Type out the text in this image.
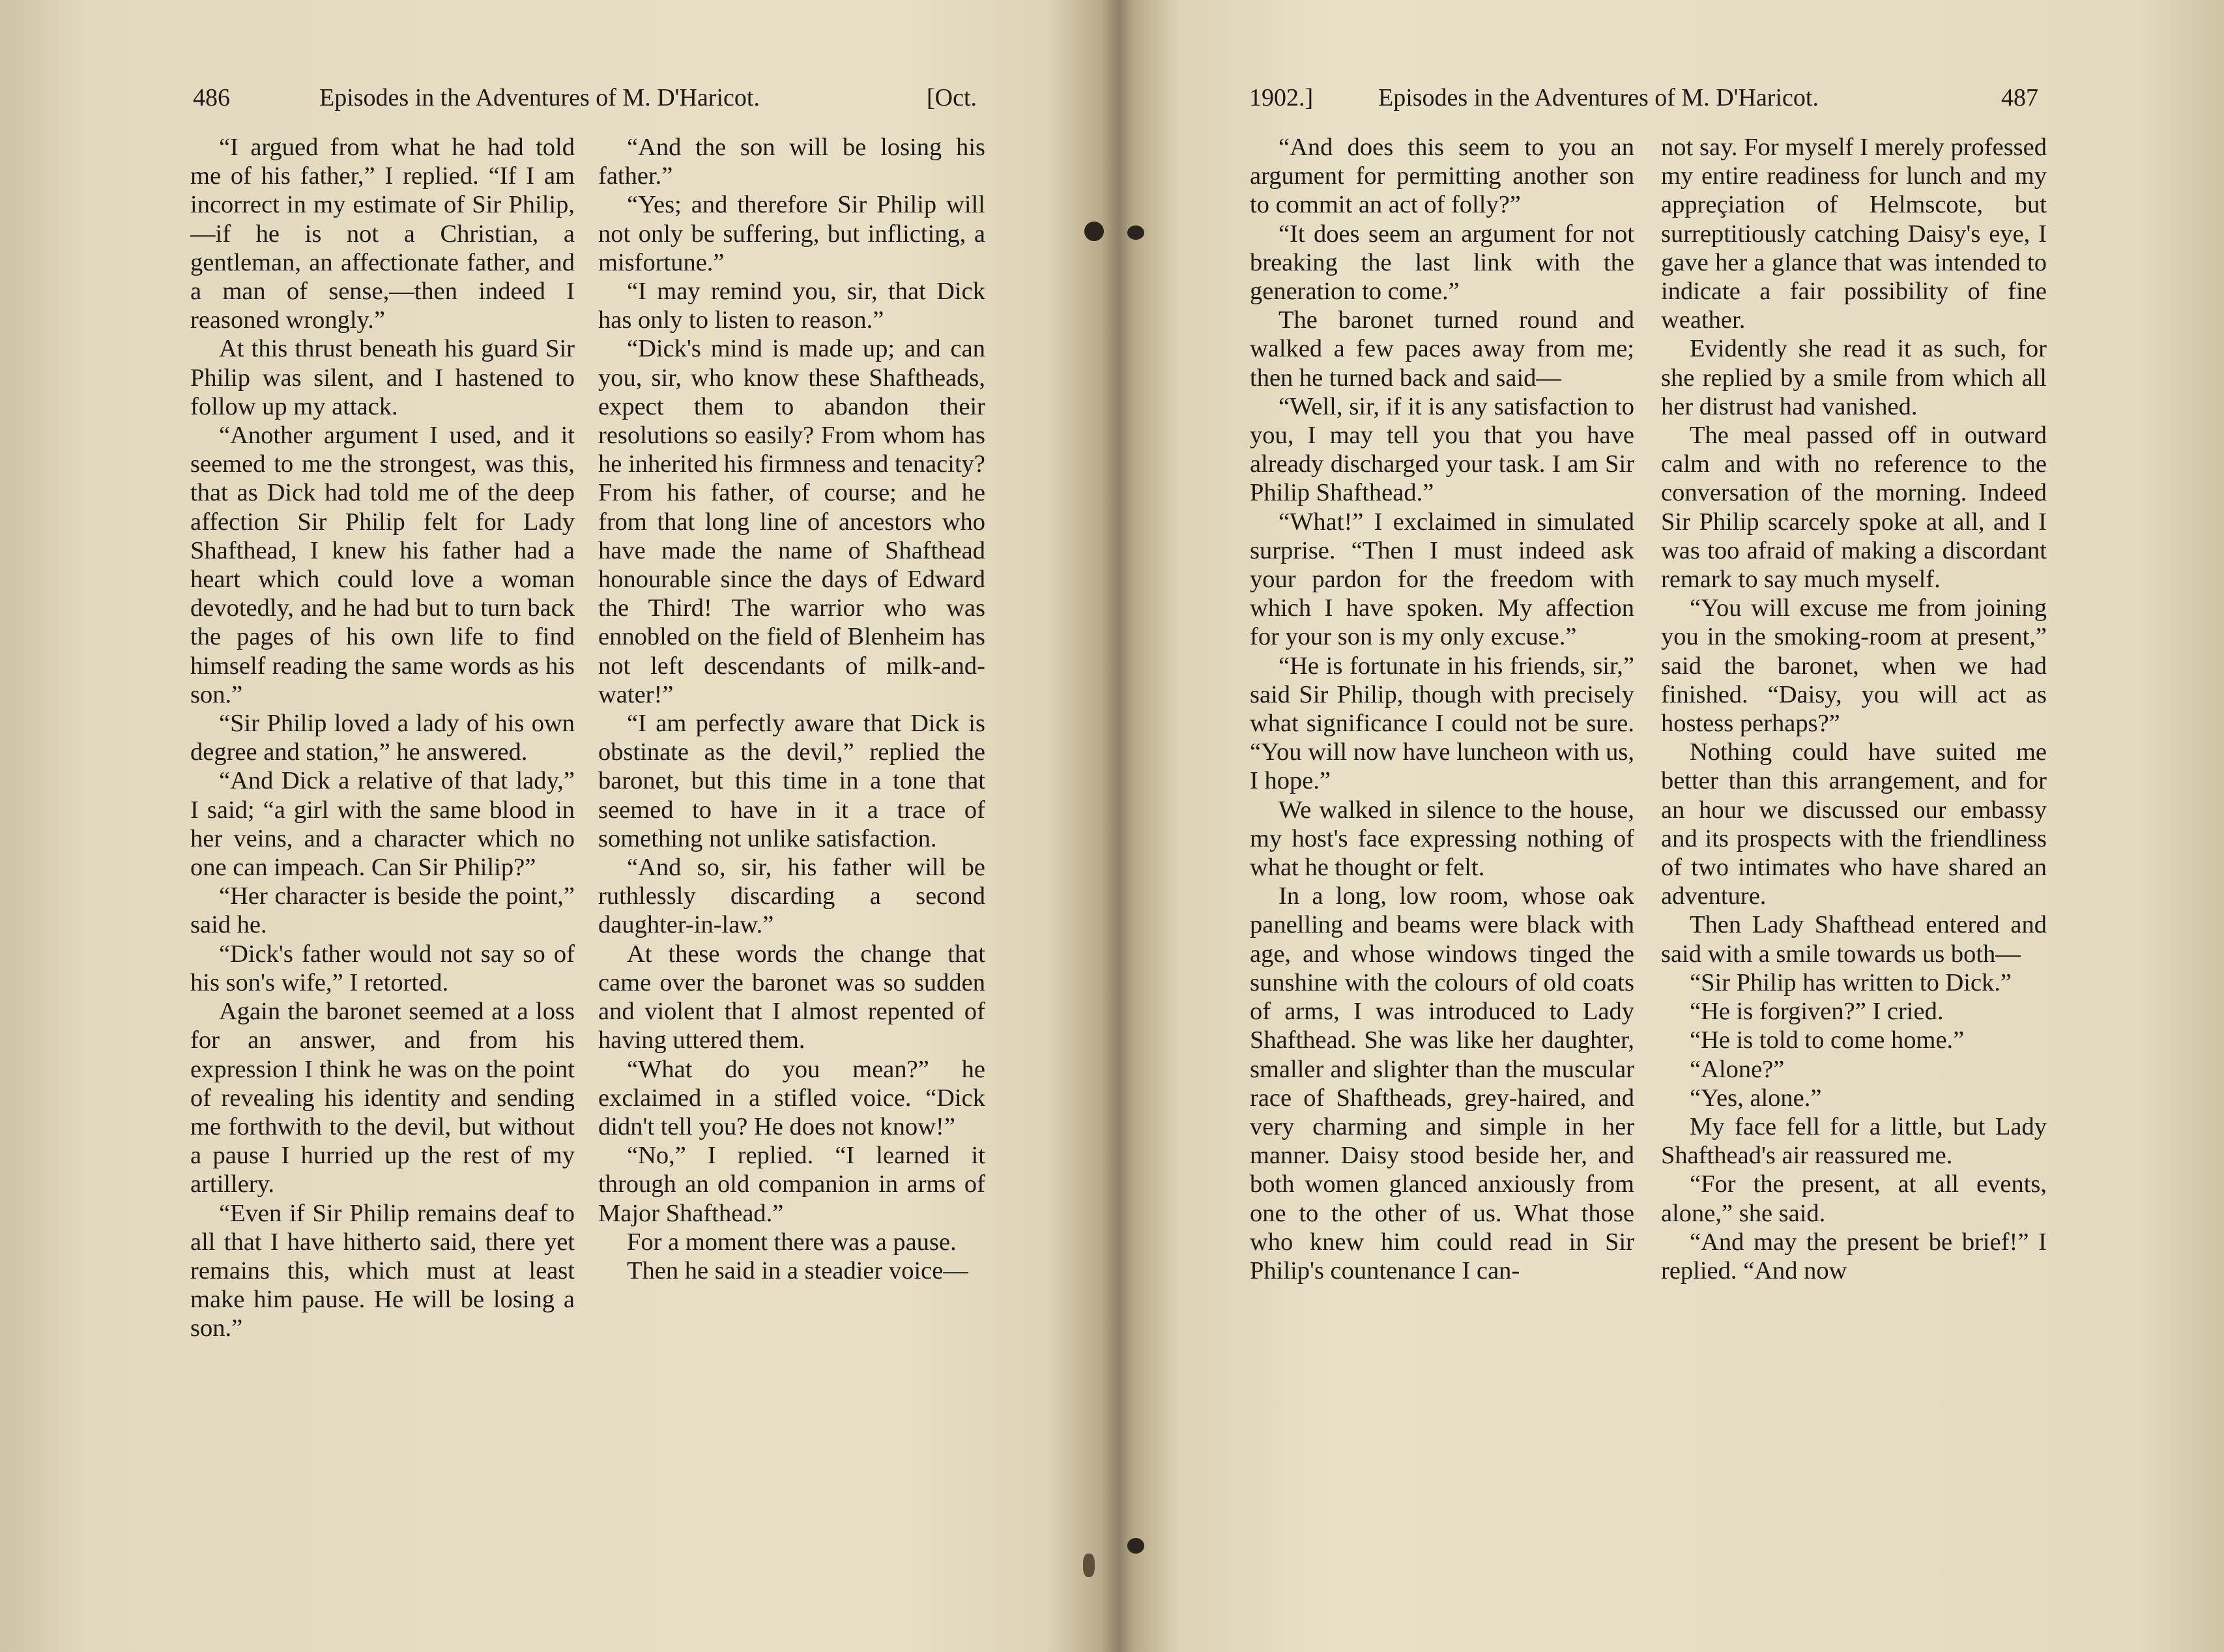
486	Episodes in the Adventures of M. D'Haricot.	[Oct.

“I argued from what he had told me of his father,” I replied. “If I am incorrect in my estimate of Sir Philip,—if he is not a Christian, a gentleman, an affectionate father, and a man of sense,—then indeed I reasoned wrongly.”

At this thrust beneath his guard Sir Philip was silent, and I hastened to follow up my attack.

“Another argument I used, and it seemed to me the strongest, was this, that as Dick had told me of the deep affection Sir Philip felt for Lady Shafthead, I knew his father had a heart which could love a woman devotedly, and he had but to turn back the pages of his own life to find himself reading the same words as his son.”

“Sir Philip loved a lady of his own degree and station,” he answered.

“And Dick a relative of that lady,” I said; “a girl with the same blood in her veins, and a character which no one can impeach. Can Sir Philip?”

“Her character is beside the point,” said he.

“Dick's father would not say so of his son's wife,” I retorted.

Again the baronet seemed at a loss for an answer, and from his expression I think he was on the point of revealing his identity and sending me forthwith to the devil, but without a pause I hurried up the rest of my artillery.

“Even if Sir Philip remains deaf to all that I have hitherto said, there yet remains this, which must at least make him pause. He will be losing a son.”

“And the son will be losing his father.”

“Yes; and therefore Sir Philip will not only be suffering, but inflicting, a misfortune.”

“I may remind you, sir, that Dick has only to listen to reason.”

“Dick's mind is made up; and can you, sir, who know these Shaftheads, expect them to abandon their resolutions so easily? From whom has he inherited his firmness and tenacity? From his father, of course; and he from that long line of ancestors who have made the name of Shafthead honourable since the days of Edward the Third! The warrior who was ennobled on the field of Blenheim has not left descendants of milk-and-water!”

“I am perfectly aware that Dick is obstinate as the devil,” replied the baronet, but this time in a tone that seemed to have in it a trace of something not unlike satisfaction.

“And so, sir, his father will be ruthlessly discarding a second daughter-in-law.”

At these words the change that came over the baronet was so sudden and violent that I almost repented of having uttered them.

“What do you mean?” he exclaimed in a stifled voice. “Dick didn't tell you? He does not know!”

“No,” I replied. “I learned it through an old companion in arms of Major Shafthead.”

For a moment there was a pause.

Then he said in a steadier voice—

1902.]	Episodes in the Adventures of M. D'Haricot.	487

“And does this seem to you an argument for permitting another son to commit an act of folly?”

“It does seem an argument for not breaking the last link with the generation to come.”

The baronet turned round and walked a few paces away from me; then he turned back and said—

“Well, sir, if it is any satisfaction to you, I may tell you that you have already discharged your task. I am Sir Philip Shafthead.”

“What!” I exclaimed in simulated surprise. “Then I must indeed ask your pardon for the freedom with which I have spoken. My affection for your son is my only excuse.”

“He is fortunate in his friends, sir,” said Sir Philip, though with precisely what significance I could not be sure. “You will now have luncheon with us, I hope.”

We walked in silence to the house, my host's face expressing nothing of what he thought or felt.

In a long, low room, whose oak panelling and beams were black with age, and whose windows tinged the sunshine with the colours of old coats of arms, I was introduced to Lady Shafthead. She was like her daughter, smaller and slighter than the muscular race of Shaftheads, grey-haired, and very charming and simple in her manner. Daisy stood beside her, and both women glanced anxiously from one to the other of us. What those who knew him could read in Sir Philip's countenance I can-

not say. For myself I merely professed my entire readiness for lunch and my appreçiation of Helmscote, but surreptitiously catching Daisy's eye, I gave her a glance that was intended to indicate a fair possibility of fine weather.

Evidently she read it as such, for she replied by a smile from which all her distrust had vanished.

The meal passed off in outward calm and with no reference to the conversation of the morning. Indeed Sir Philip scarcely spoke at all, and I was too afraid of making a discordant remark to say much myself.

“You will excuse me from joining you in the smoking-room at present,” said the baronet, when we had finished. “Daisy, you will act as hostess perhaps?”

Nothing could have suited me better than this arrangement, and for an hour we discussed our embassy and its prospects with the friendliness of two intimates who have shared an adventure.

Then Lady Shafthead entered and said with a smile towards us both—

“Sir Philip has written to Dick.”

“He is forgiven?” I cried.

“He is told to come home.”

“Alone?”

“Yes, alone.”

My face fell for a little, but Lady Shafthead's air reassured me.

“For the present, at all events, alone,” she said.

“And may the present be brief!” I replied. “And now
